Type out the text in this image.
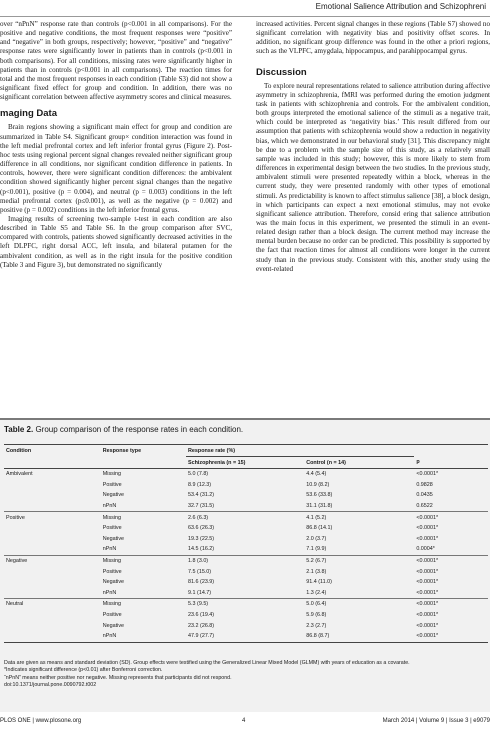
Emotional Salience Attribution and Schizophreni

over “nPnN” response rate than controls (p<0.001 in all comparisons). For the positive and negative conditions, the most frequent responses were “positive” and “negative” in both groups, respectively; however, “positive” and “negative” response rates were significantly lower in patients than in controls (p<0.001 in both comparisons). For all conditions, missing rates were significantly higher in patients than in controls (p<0.001 in all comparisons). The reaction times for total and the most frequent responses in each condition (Table S3) did not show a significant fixed effect for group and condition. In addition, there was no significant correlation between affective asymmetry scores and clinical measures.

maging Data

Brain regions showing a significant main effect for group and condition are summarized in Table S4. Significant group× condition interaction was found in the left medial prefrontal cortex and left inferior frontal gyrus (Figure 2). Post-hoc tests using regional percent signal changes revealed neither significant group difference in all conditions, nor significant condition difference in patients. In controls, however, there were significant condition differences: the ambivalent condition showed significantly higher percent signal changes than the negative (p<0.001), positive (p = 0.004), and neutral (p = 0.003) conditions in the left medial prefrontal cortex (p≤0.001), as well as the negative (p = 0.002) and positive (p = 0.002) conditions in the left inferior frontal gyrus.

Imaging results of screening two-sample t-test in each condition are also described in Table S5 and Table S6. In the group comparison after SVC, compared with controls, patients showed significantly decreased activities in the left DLPFC, right dorsal ACC, left insula, and bilateral putamen for the ambivalent condition, as well as in the right insula for the positive condition (Table 3 and Figure 3), but demonstrated no significantly

increased activities. Percent signal changes in these regions (Table S7) showed no significant correlation with negativity bias and positivity offset scores. In addition, no significant group difference was found in the other a priori regions, such as the VLPFC, amygdala, hippocampus, and parahippocampal gyrus.

Discussion

To explore neural representations related to salience attribution during affective asymmetry in schizophrenia, fMRI was performed during the emotion judgment task in patients with schizophrenia and controls. For the ambivalent condition, both groups interpreted the emotional salience of the stimuli as a negative trait, which could be interpreted as ‘negativity bias.’ This result differed from our assumption that patients with schizophrenia would show a reduction in negativity bias, which we demonstrated in our behavioral study [31]. This discrepancy might be due to a problem with the sample size of this study, as a relatively small sample was included in this study; however, this is more likely to stem from differences in experimental design between the two studies. In the previous study, ambivalent stimuli were presented repeatedly within a block, whereas in the current study, they were presented randomly with other types of emotional stimuli. As predictability is known to affect stimulus salience [38], a block design, in which participants can expect a next emotional stimulus, may not evoke significant salience attribution. Therefore, consid ering that salience attribution was the main focus in this experiment, we presented the stimuli in an event-related design rather than a block design. The current method may increase the mental burden because no order can be predicted. This possibility is supported by the fact that reaction times for almost all conditions were longer in the current study than in the previous study. Consistent with this, another study using the event-related

Table 2. Group comparison of the response rates in each condition.
Condition	Response type	Response rate (%)		
		Schizophrenia (n = 15)	Control (n = 14)	p
Ambivalent	Missing	5.0 (7.8)	4.4 (5.4)	<0.0001*
	Positive	8.9 (12.3)	10.9 (8.2)	0.9828
	Negative	53.4 (31.2)	53.6 (33.8)	0.0435
	nPnN	32.7 (31.5)	31.1 (31.8)	0.6522
Positive	Missing	2.6 (6.3)	4.1 (5.2)	<0.0001*
	Positive	63.6 (26.3)	86.8 (14.1)	<0.0001*
	Negative	19.3 (22.5)	2.0 (3.7)	<0.0001*
	nPnN	14.5 (16.2)	7.1 (9.9)	0.0004*
Negative	Missing	1.8 (3.0)	5.2 (6.7)	<0.0001*
	Positive	7.5 (15.0)	2.1 (3.8)	<0.0001*
	Negative	81.6 (23.9)	91.4 (11.0)	<0.0001*
	nPnN	9.1 (14.7)	1.3 (2.4)	<0.0001*
Neutral	Missing	5.3 (9.5)	5.0 (6.4)	<0.0001*
	Positive	23.6 (19.4)	5.9 (6.8)	<0.0001*
	Negative	23.2 (26.8)	2.3 (2.7)	<0.0001*
	nPnN	47.9 (27.7)	86.8 (8.7)	<0.0001*
Data are given as means and standard deviation (SD). Group effects were testified using the Generalized Linear Mixed Model (GLMM) with years of education as a covarate.
*Indicates significant difference (p<0.01) after Bonferroni correction.
“nPnN” means neither positive nor negative. Missing represents that participants did not respond.
doi:10.1371/journal.pone.0090792.t002
PLOS ONE | www.plosone.org	4	March 2014 | Volume 9 | Issue 3 | e9079
